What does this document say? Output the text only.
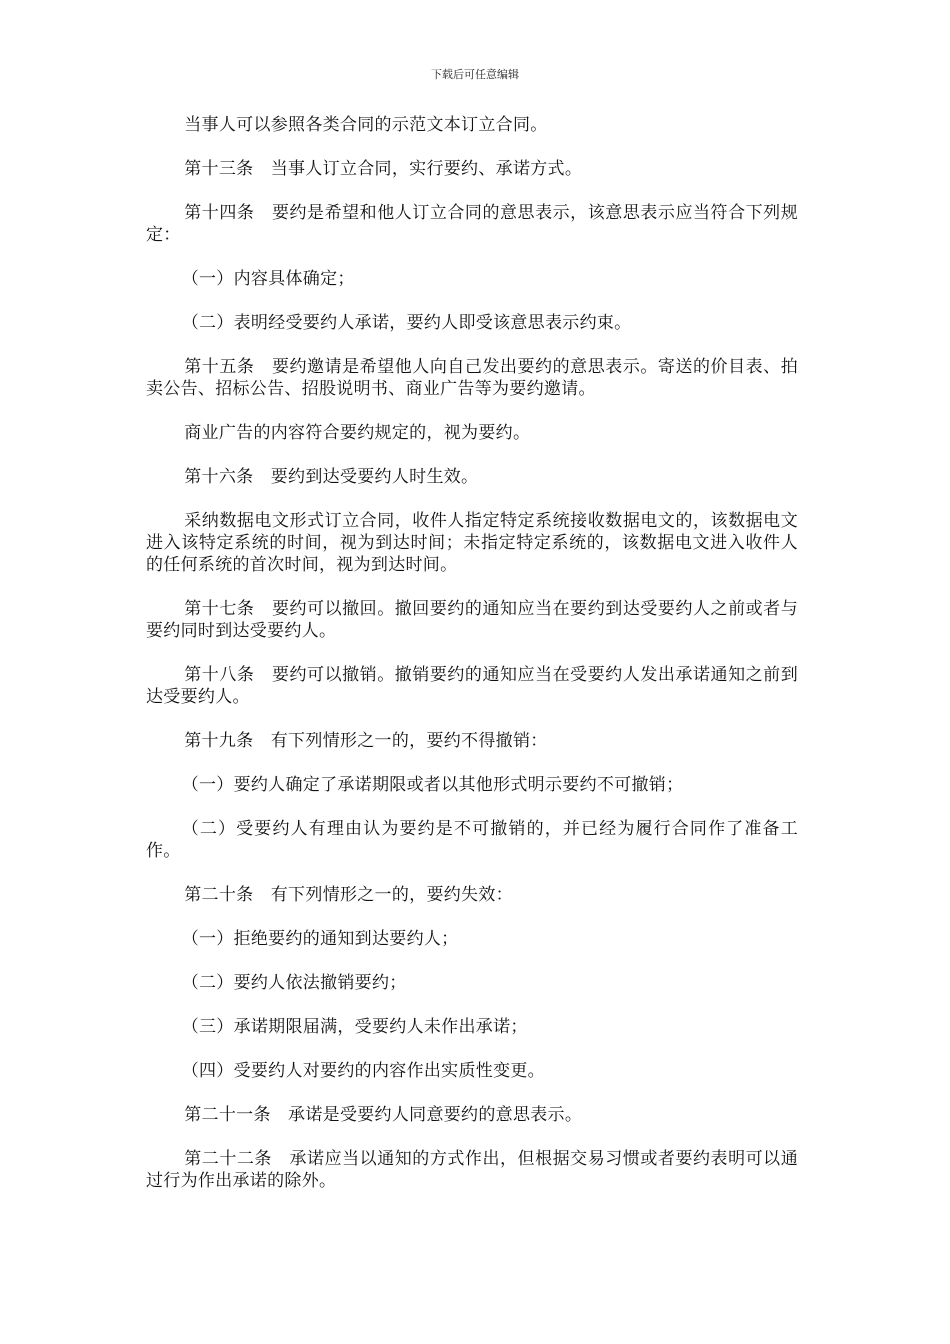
下载后可任意编辑

当事人可以参照各类合同的示范文本订立合同。

第十三条　当事人订立合同，实行要约、承诺方式。

第十四条　要约是希望和他人订立合同的意思表示，该意思表示应当符合下列规定：

（一）内容具体确定；

（二）表明经受要约人承诺，要约人即受该意思表示约束。

第十五条　要约邀请是希望他人向自己发出要约的意思表示。寄送的价目表、拍卖公告、招标公告、招股说明书、商业广告等为要约邀请。

商业广告的内容符合要约规定的，视为要约。

第十六条　要约到达受要约人时生效。

采纳数据电文形式订立合同，收件人指定特定系统接收数据电文的，该数据电文进入该特定系统的时间，视为到达时间；未指定特定系统的，该数据电文进入收件人的任何系统的首次时间，视为到达时间。

第十七条　要约可以撤回。撤回要约的通知应当在要约到达受要约人之前或者与要约同时到达受要约人。

第十八条　要约可以撤销。撤销要约的通知应当在受要约人发出承诺通知之前到达受要约人。

第十九条　有下列情形之一的，要约不得撤销：

（一）要约人确定了承诺期限或者以其他形式明示要约不可撤销；

（二）受要约人有理由认为要约是不可撤销的，并已经为履行合同作了准备工作。

第二十条　有下列情形之一的，要约失效：

（一）拒绝要约的通知到达要约人；

（二）要约人依法撤销要约；

（三）承诺期限届满，受要约人未作出承诺；

（四）受要约人对要约的内容作出实质性变更。

第二十一条　承诺是受要约人同意要约的意思表示。

第二十二条　承诺应当以通知的方式作出，但根据交易习惯或者要约表明可以通过行为作出承诺的除外。
